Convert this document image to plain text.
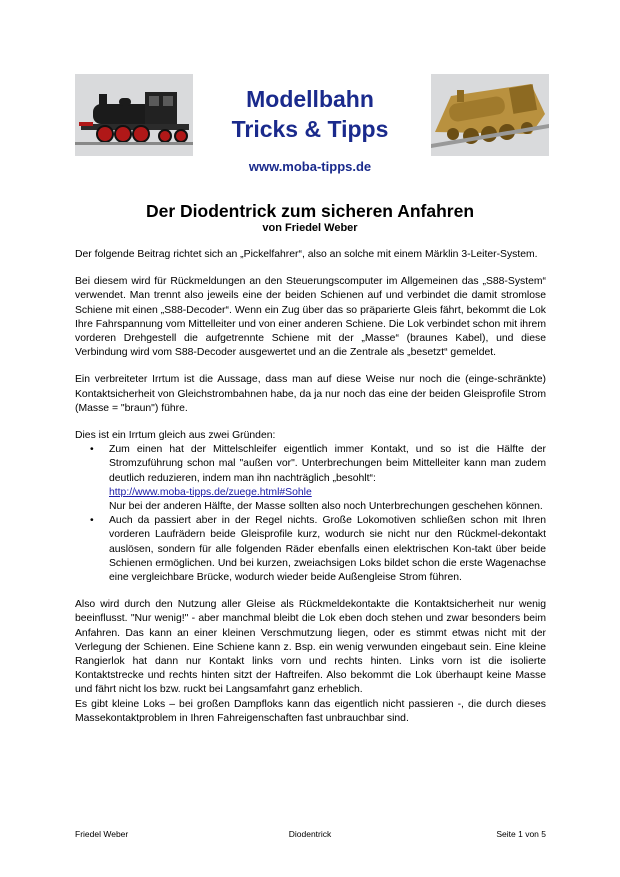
Modellbahn
Tricks & Tipps
www.moba-tipps.de
Der Diodentrick zum sicheren Anfahren
von Friedel Weber

Der folgende Beitrag richtet sich an „Pickelfahrer“, also an solche mit einem Märklin 3-Leiter-System.

Bei diesem wird für Rückmeldungen an den Steuerungscomputer im Allgemeinen das „S88-System“ verwendet. Man trennt also jeweils eine der beiden Schienen auf und verbindet die damit stromlose Schiene mit einen „S88-Decoder“. Wenn ein Zug über das so präparierte Gleis fährt, bekommt die Lok Ihre Fahrspannung vom Mittelleiter und von einer anderen Schiene. Die Lok verbindet schon mit ihrem vorderen Drehgestell die aufgetrennte Schiene mit der „Masse“ (braunes Kabel), und diese Verbindung wird vom S88-Decoder ausgewertet und an die Zentrale als „besetzt“ gemeldet.

Ein verbreiteter Irrtum ist die Aussage, dass man auf diese Weise nur noch die (einge-schränkte) Kontaktsicherheit von Gleichstrombahnen habe, da ja nur noch das eine der beiden Gleisprofile Strom (Masse = "braun") führe.

Dies ist ein Irrtum gleich aus zwei Gründen:
• Zum einen hat der Mittelschleifer eigentlich immer Kontakt, und so ist die Hälfte der Stromzuführung schon mal "außen vor". Unterbrechungen beim Mittelleiter kann man zudem deutlich reduzieren, indem man ihn nachträglich „besohlt“:
http://www.moba-tipps.de/zuege.html#Sohle
Nur bei der anderen Hälfte, der Masse sollten also noch Unterbrechungen geschehen können.
• Auch da passiert aber in der Regel nichts. Große Lokomotiven schließen schon mit Ihren vorderen Laufrädern beide Gleisprofile kurz, wodurch sie nicht nur den Rückmel-dekontakt auslösen, sondern für alle folgenden Räder ebenfalls einen elektrischen Kon-takt über beide Schienen ermöglichen. Und bei kurzen, zweiachsigen Loks bildet schon die erste Wagenachse eine vergleichbare Brücke, wodurch wieder beide Außengleise Strom führen.

Also wird durch den Nutzung aller Gleise als Rückmeldekontakte die Kontaktsicherheit nur wenig beeinflusst. "Nur wenig!" - aber manchmal bleibt die Lok eben doch stehen und zwar besonders beim Anfahren. Das kann an einer kleinen Verschmutzung liegen, oder es stimmt etwas nicht mit der Verlegung der Schienen. Eine Schiene kann z. Bsp. ein wenig verwunden eingebaut sein. Eine kleine Rangierlok hat dann nur Kontakt links vorn und rechts hinten. Links vorn ist die isolierte Kontaktstrecke und rechts hinten sitzt der Haftreifen. Also bekommt die Lok überhaupt keine Masse und fährt nicht los bzw. ruckt bei Langsamfahrt ganz erheblich.

Es gibt kleine Loks – bei großen Dampfloks kann das eigentlich nicht passieren -, die durch dieses Massekontaktproblem in Ihren Fahreigenschaften fast unbrauchbar sind.

Friedel Weber	Diodentrick	Seite 1 von 5
